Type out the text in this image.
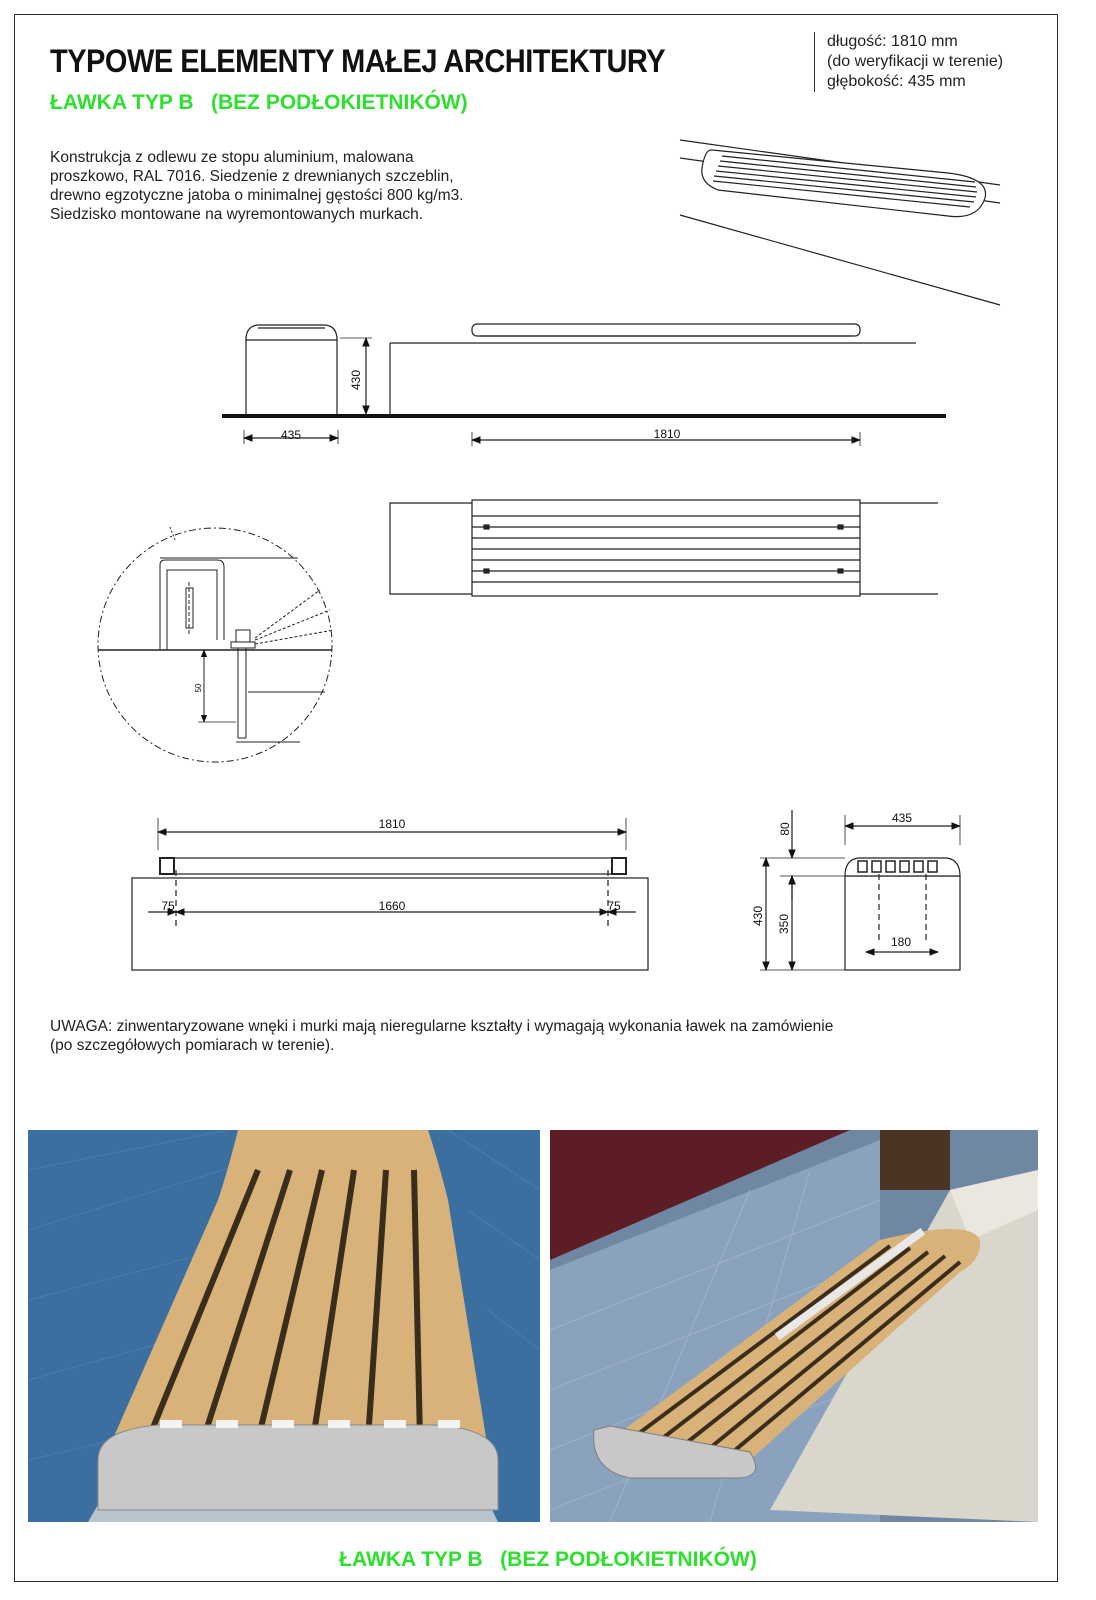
TYPOWE ELEMENTY MAŁEJ ARCHITEKTURY
ŁAWKA TYP B   (BEZ PODŁOKIETNIKÓW)
długość: 1810 mm
(do weryfikacji w terenie)
głębokość: 435 mm
Konstrukcja z odlewu ze stopu aluminium, malowana
proszkowo, RAL 7016. Siedzenie z drewnianych szczeblin,
drewno egzotyczne jatoba o minimalnej gęstości 800 kg/m3.
Siedzisko montowane na wyremontowanych murkach.
430
435	1810
50
1810
75	1660	75
435
80
430 350
180
UWAGA: zinwentaryzowane wnęki i murki mają nieregularne kształty i wymagają wykonania ławek na zamówienie
(po szczegółowych pomiarach w terenie).

ŁAWKA TYP B   (BEZ PODŁOKIETNIKÓW)
